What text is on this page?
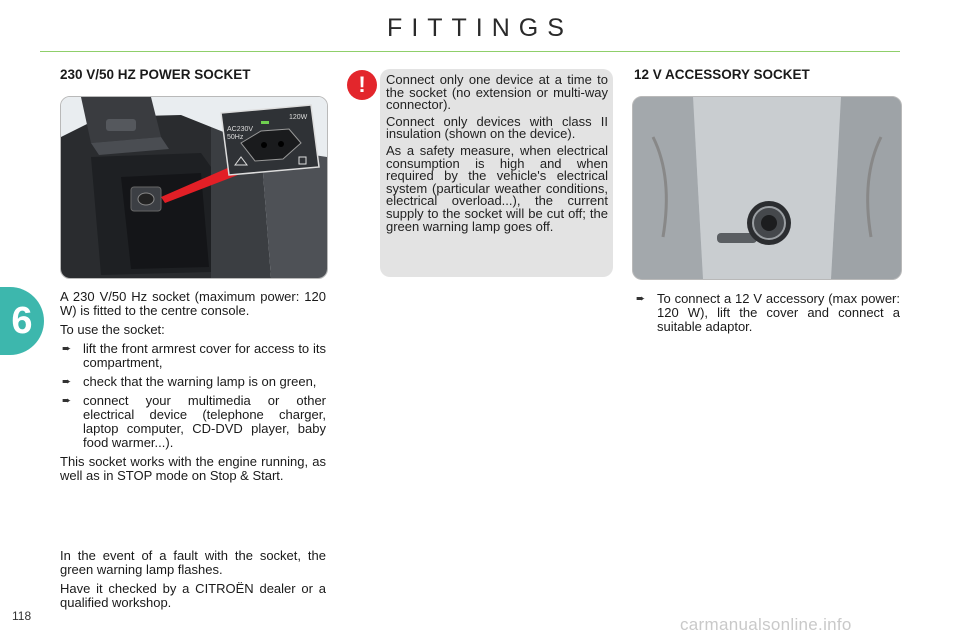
FITTINGS
230 V/50 HZ POWER SOCKET
AC230V
50Hz
120W

A 230 V/50 Hz socket (maximum power: 120 W) is fitted to the centre console.

To use the socket:

➨ lift the front armrest cover for access to its compartment,
➨ check that the warning lamp is on green,
➨ connect your multimedia or other electrical device (telephone charger, laptop computer, CD-DVD player, baby food warmer...).

This socket works with the engine running, as well as in STOP mode on Stop & Start.

In the event of a fault with the socket, the green warning lamp flashes.

Have it checked by a CITROËN dealer or a qualified workshop.

!	Connect only one device at a time to the socket (no extension or multi-way connector).

Connect only devices with class II insulation (shown on the device).

As a safety measure, when electrical consumption is high and when required by the vehicle's electrical system (particular weather conditions, electrical overload...), the current supply to the socket will be cut off; the green warning lamp goes off.

12 V ACCESSORY SOCKET
➨ To connect a 12 V accessory (max power: 120 W), lift the cover and connect a suitable adaptor.
6
118	carmanualsonline.info
